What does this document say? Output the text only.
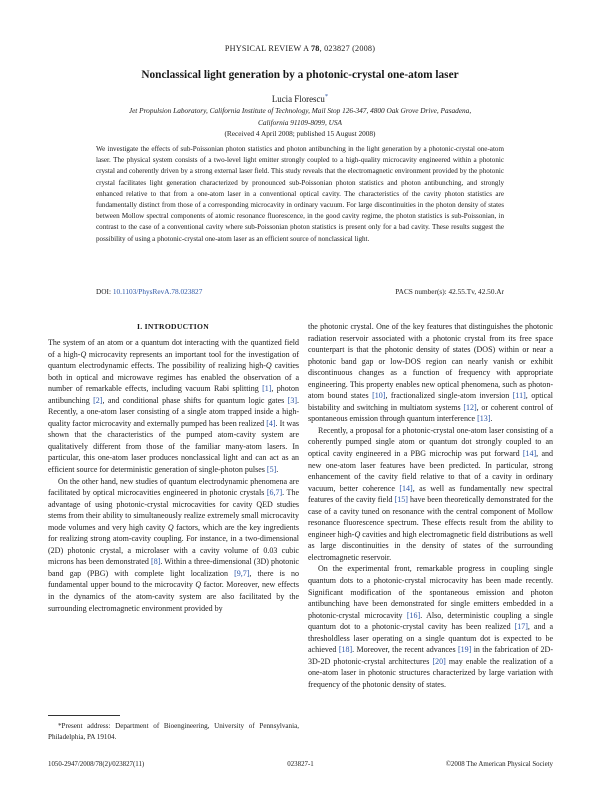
PHYSICAL REVIEW A 78, 023827 (2008)
Nonclassical light generation by a photonic-crystal one-atom laser
Lucia Florescu*
Jet Propulsion Laboratory, California Institute of Technology, Mail Stop 126-347, 4800 Oak Grove Drive, Pasadena,
California 91109-8099, USA
(Received 4 April 2008; published 15 August 2008)
We investigate the effects of sub-Poissonian photon statistics and photon antibunching in the light generation by a photonic-crystal one-atom laser. The physical system consists of a two-level light emitter strongly coupled to a high-quality microcavity engineered within a photonic crystal and coherently driven by a strong external laser field. This study reveals that the electromagnetic environment provided by the photonic crystal facilitates light generation characterized by pronounced sub-Poissonian photon statistics and photon antibunching, and strongly enhanced relative to that from a one-atom laser in a conventional optical cavity. The characteristics of the cavity photon statistics are fundamentally distinct from those of a corresponding microcavity in ordinary vacuum. For large discontinuities in the photon density of states between Mollow spectral components of atomic resonance fluorescence, in the good cavity regime, the photon statistics is sub-Poissonian, in contrast to the case of a conventional cavity where sub-Poissonian photon statistics is present only for a bad cavity. These results suggest the possibility of using a photonic-crystal one-atom laser as an efficient source of nonclassical light.
DOI: 10.1103/PhysRevA.78.023827	PACS number(s): 42.55.Tv, 42.50.Ar
I. INTRODUCTION

The system of an atom or a quantum dot interacting with the quantized field of a high-Q microcavity represents an important tool for the investigation of quantum electrodynamic effects. The possibility of realizing high-Q cavities both in optical and microwave regimes has enabled the observation of a number of remarkable effects, including vacuum Rabi splitting [1], photon antibunching [2], and conditional phase shifts for quantum logic gates [3]. Recently, a one-atom laser consisting of a single atom trapped inside a high-quality factor microcavity and externally pumped has been realized [4]. It was shown that the characteristics of the pumped atom-cavity system are qualitatively different from those of the familiar many-atom lasers. In particular, this one-atom laser produces nonclassical light and can act as an efficient source for deterministic generation of single-photon pulses [5].

On the other hand, new studies of quantum electrodynamic phenomena are facilitated by optical microcavities engineered in photonic crystals [6,7]. The advantage of using photonic-crystal microcavities for cavity QED studies stems from their ability to simultaneously realize extremely small microcavity mode volumes and very high cavity Q factors, which are the key ingredients for realizing strong atom-cavity coupling. For instance, in a two-dimensional (2D) photonic crystal, a microlaser with a cavity volume of 0.03 cubic microns has been demonstrated [8]. Within a three-dimensional (3D) photonic band gap (PBG) with complete light localization [9,7], there is no fundamental upper bound to the microcavity Q factor. Moreover, new effects in the dynamics of the atom-cavity system are also facilitated by the surrounding electromagnetic environment provided by

the photonic crystal. One of the key features that distinguishes the photonic radiation reservoir associated with a photonic crystal from its free space counterpart is that the photonic density of states (DOS) within or near a photonic band gap or low-DOS region can nearly vanish or exhibit discontinuous changes as a function of frequency with appropriate engineering. This property enables new optical phenomena, such as photon-atom bound states [10], fractionalized single-atom inversion [11], optical bistability and switching in multiatom systems [12], or coherent control of spontaneous emission through quantum interference [13].

Recently, a proposal for a photonic-crystal one-atom laser consisting of a coherently pumped single atom or quantum dot strongly coupled to an optical cavity engineered in a PBG microchip was put forward [14], and new one-atom laser features have been predicted. In particular, strong enhancement of the cavity field relative to that of a cavity in ordinary vacuum, better coherence [14], as well as fundamentally new spectral features of the cavity field [15] have been theoretically demonstrated for the case of a cavity tuned on resonance with the central component of Mollow resonance fluorescence spectrum. These effects result from the ability to engineer high-Q cavities and high electromagnetic field distributions as well as large discontinuities in the density of states of the surrounding electromagnetic reservoir.

On the experimental front, remarkable progress in coupling single quantum dots to a photonic-crystal microcavity has been made recently. Significant modification of the spontaneous emission and photon antibunching have been demonstrated for single emitters embedded in a photonic-crystal microcavity [16]. Also, deterministic coupling a single quantum dot to a photonic-crystal cavity has been realized [17], and a thresholdless laser operating on a single quantum dot is expected to be achieved [18]. Moreover, the recent advances [19] in the fabrication of 2D-3D-2D photonic-crystal architectures [20] may enable the realization of a one-atom laser in photonic structures characterized by large variation with frequency of the photonic density of states.

*Present address: Department of Bioengineering, University of Pennsylvania, Philadelphia, PA 19104.
1050-2947/2008/78(2)/023827(11)	023827-1	©2008 The American Physical Society
